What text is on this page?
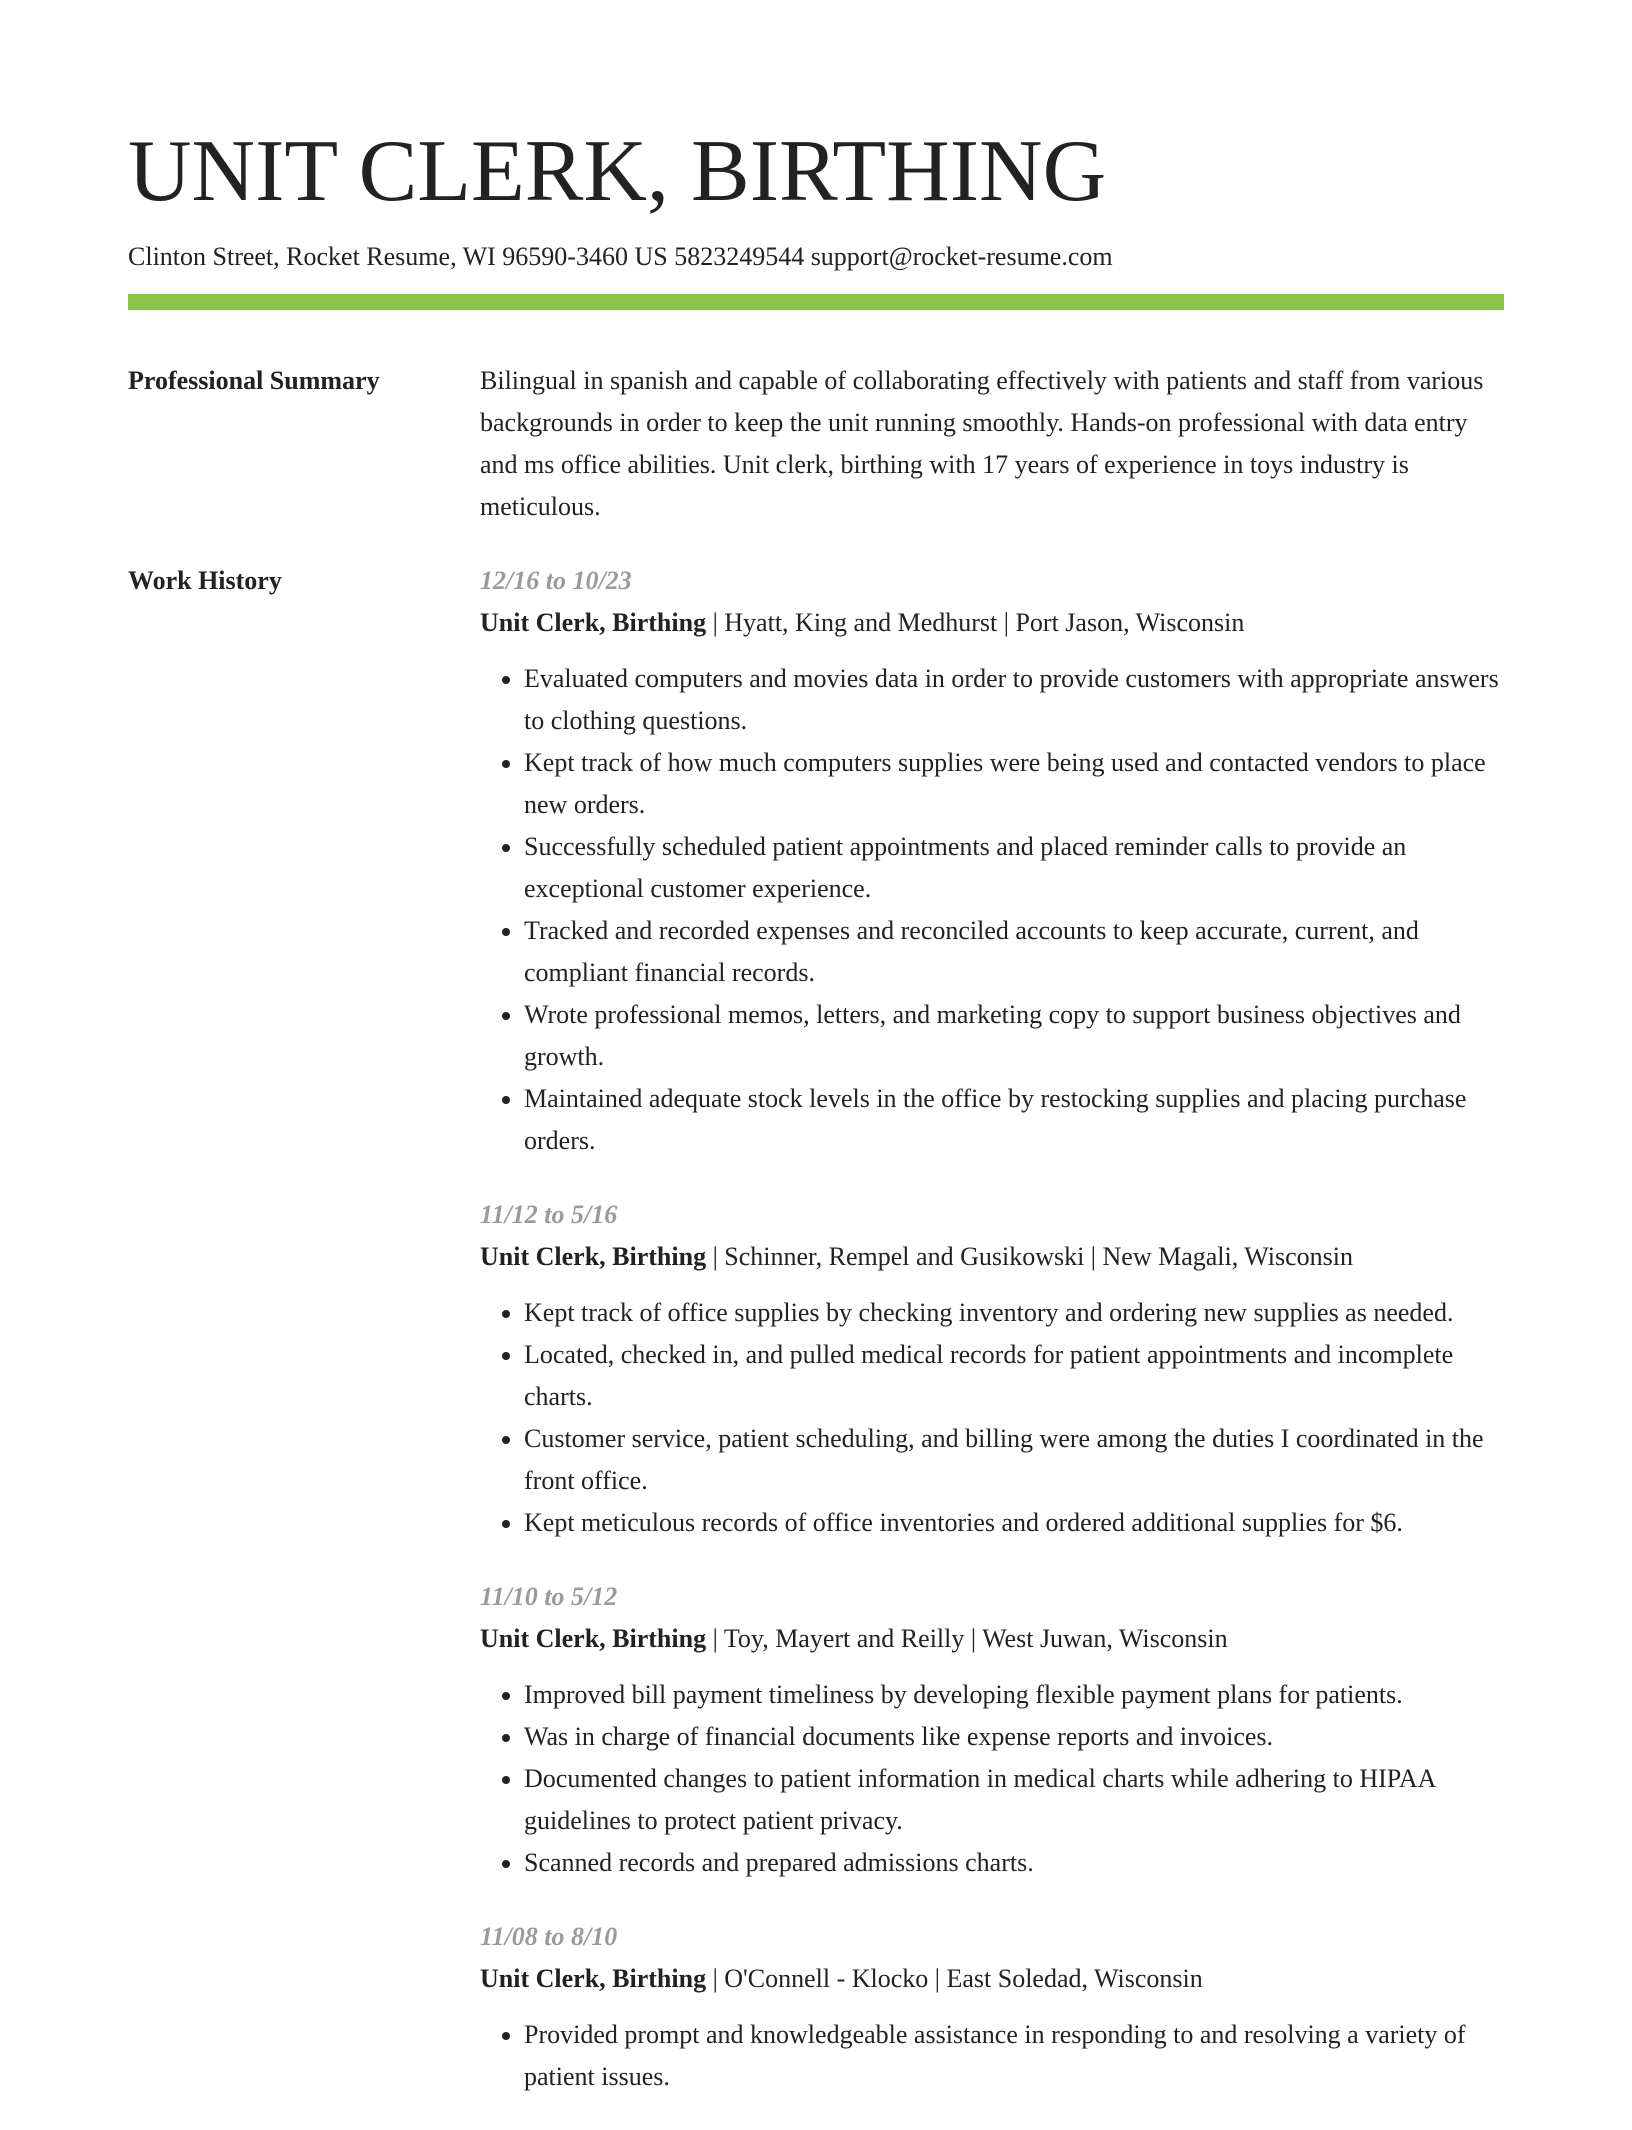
UNIT CLERK, BIRTHING
Clinton Street, Rocket Resume, WI 96590-3460 US 5823249544 support@rocket-resume.com
Professional Summary	Bilingual in spanish and capable of collaborating effectively with patients and staff from various backgrounds in order to keep the unit running smoothly. Hands-on professional with data entry and ms office abilities. Unit clerk, birthing with 17 years of experience in toys industry is meticulous.

Work History	12/16 to 10/23
Unit Clerk, Birthing | Hyatt, King and Medhurst | Port Jason, Wisconsin
• Evaluated computers and movies data in order to provide customers with appropriate answers to clothing questions.
• Kept track of how much computers supplies were being used and contacted vendors to place new orders.
• Successfully scheduled patient appointments and placed reminder calls to provide an exceptional customer experience.
• Tracked and recorded expenses and reconciled accounts to keep accurate, current, and compliant financial records.
• Wrote professional memos, letters, and marketing copy to support business objectives and growth.
• Maintained adequate stock levels in the office by restocking supplies and placing purchase orders.
11/12 to 5/16
Unit Clerk, Birthing | Schinner, Rempel and Gusikowski | New Magali, Wisconsin
• Kept track of office supplies by checking inventory and ordering new supplies as needed.
• Located, checked in, and pulled medical records for patient appointments and incomplete charts.
• Customer service, patient scheduling, and billing were among the duties I coordinated in the front office.
• Kept meticulous records of office inventories and ordered additional supplies for $6.
11/10 to 5/12
Unit Clerk, Birthing | Toy, Mayert and Reilly | West Juwan, Wisconsin
• Improved bill payment timeliness by developing flexible payment plans for patients.
• Was in charge of financial documents like expense reports and invoices.
• Documented changes to patient information in medical charts while adhering to HIPAA guidelines to protect patient privacy.
• Scanned records and prepared admissions charts.
11/08 to 8/10
Unit Clerk, Birthing | O'Connell - Klocko | East Soledad, Wisconsin
• Provided prompt and knowledgeable assistance in responding to and resolving a variety of patient issues.
